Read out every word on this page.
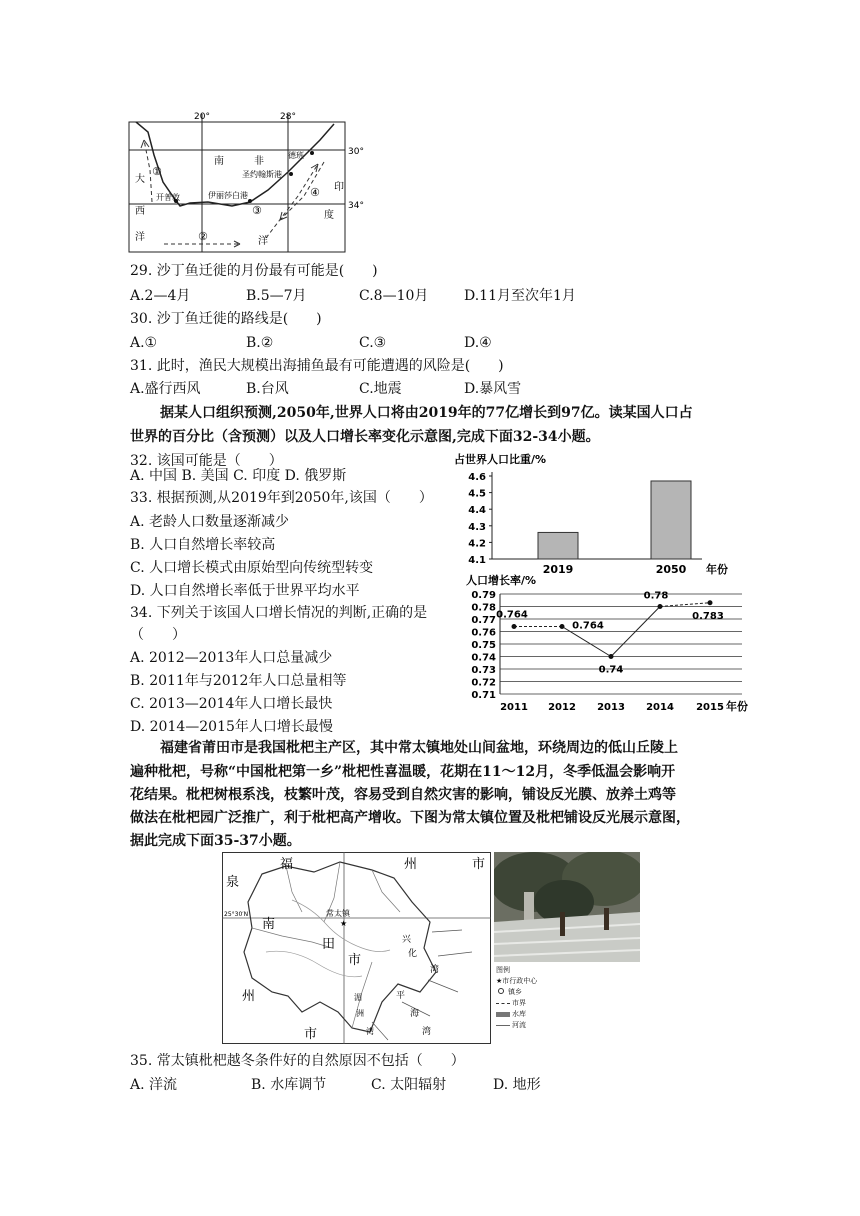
20°	28°
30°
34°
南	非
大
西
洋
印
度
洋
德班
圣约翰斯港
开普敦	伊丽莎白港
①
②
③
④
29. 沙丁鱼迁徙的月份最有可能是(　　)
A.2—4月	B.5—7月	C.8—10月	D.11月至次年1月
30. 沙丁鱼迁徙的路线是(　　)
A.①	B.②	C.③	D.④
31. 此时，渔民大规模出海捕鱼最有可能遭遇的风险是(　　)
A.盛行西风	B.台风	C.地震	D.暴风雪
据某人口组织预测,2050年,世界人口将由2019年的77亿增长到97亿。读某国人口占
世界的百分比（含预测）以及人口增长率变化示意图,完成下面32-34小题。
32. 该国可能是（　　）
A. 中国 B. 美国 C. 印度 D. 俄罗斯
33. 根据预测,从2019年到2050年,该国（　　）
A. 老龄人口数量逐渐减少
B. 人口自然增长率较高
C. 人口增长模式由原始型向传统型转变
D. 人口自然增长率低于世界平均水平
34. 下列关于该国人口增长情况的判断,正确的是
（　　）
A. 2012—2013年人口总量减少
B. 2011年与2012年人口总量相等
C. 2013—2014年人口增长最快
D. 2014—2015年人口增长最慢
占世界人口比重/%
4.1
4.2
4.3
4.4
4.5
4.6
2019	2050 年份
人口增长率/%
0.79
0.78
0.77
0.76
0.75
0.74
0.73
0.72
0.71
0.764
2011
0.764
2012
0.74
2013
0.78
2014
0.783
2015 年份
福建省莆田市是我国枇杷主产区，其中常太镇地处山间盆地，环绕周边的低山丘陵上
遍种枇杷，号称“中国枇杷第一乡”枇杷性喜温暖，花期在11～12月，冬季低温会影响开
花结果。枇杷树根系浅，枝繁叶茂，容易受到自然灾害的影响，铺设反光膜、放养土鸡等
做法在枇杷园广泛推广，利于枇杷高产增收。下图为常太镇位置及枇杷铺设反光展示意图，
据此完成下面35-37小题。
福	州	市
泉
25°30′N
南
常太镇
田
市
兴
化
湾
州	湄
洲
平
海
湾
湾
市
★
图例
★市行政中心
镇乡
市界
水库
河流
35. 常太镇枇杷越冬条件好的自然原因不包括（　　）
A. 洋流	B. 水库调节	C. 太阳辐射	D. 地形
